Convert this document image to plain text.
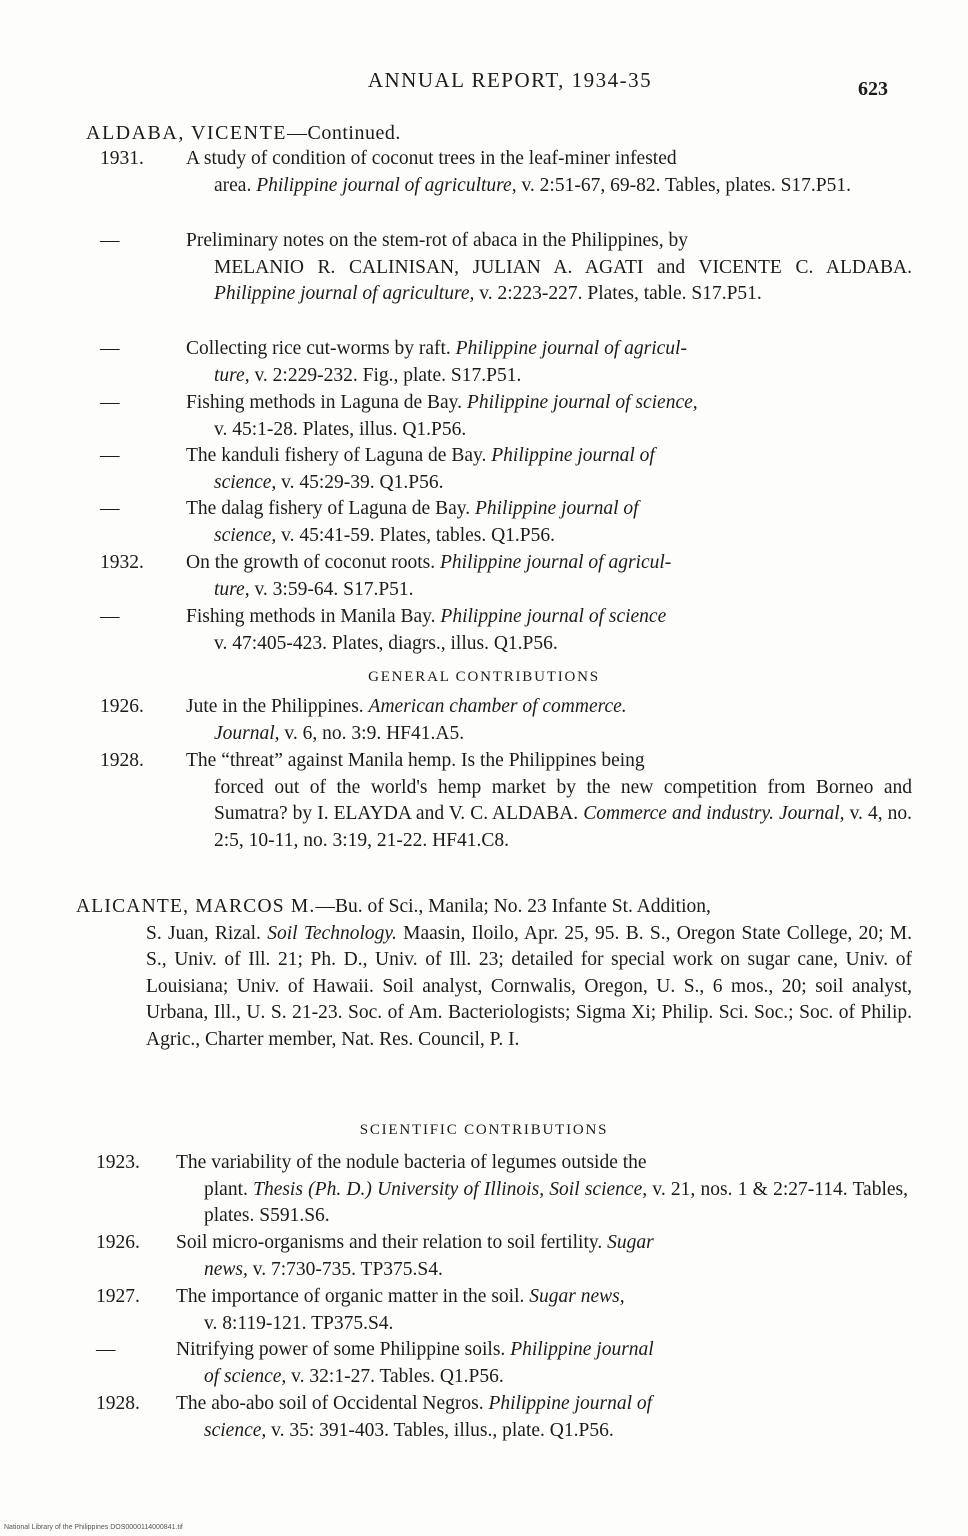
ANNUAL REPORT, 1934-35	623
ALDABA, VICENTE—Continued.
1931.	A study of condition of coconut trees in the leaf-miner infested
area. Philippine journal of agriculture, v. 2:51-67, 69-82. Tables, plates. S17.P51.
—	Preliminary notes on the stem-rot of abaca in the Philippines, by
MELANIO R. CALINISAN, JULIAN A. AGATI and VICENTE C. ALDABA. Philippine journal of agriculture, v. 2:223-227. Plates, table. S17.P51.
—	Collecting rice cut-worms by raft. Philippine journal of agricul-
ture, v. 2:229-232. Fig., plate. S17.P51.
—	Fishing methods in Laguna de Bay. Philippine journal of science,
v. 45:1-28. Plates, illus. Q1.P56.
—	The kanduli fishery of Laguna de Bay. Philippine journal of
science, v. 45:29-39. Q1.P56.
—	The dalag fishery of Laguna de Bay. Philippine journal of
science, v. 45:41-59. Plates, tables. Q1.P56.
1932.	On the growth of coconut roots. Philippine journal of agricul-
ture, v. 3:59-64. S17.P51.
—	Fishing methods in Manila Bay. Philippine journal of science
v. 47:405-423. Plates, diagrs., illus. Q1.P56.
GENERAL CONTRIBUTIONS
1926.	Jute in the Philippines. American chamber of commerce.
Journal, v. 6, no. 3:9. HF41.A5.
1928.	The “threat” against Manila hemp. Is the Philippines being
forced out of the world's hemp market by the new competition from Borneo and Sumatra? by I. ELAYDA and V. C. ALDABA. Commerce and industry. Journal, v. 4, no. 2:5, 10-11, no. 3:19, 21-22. HF41.C8.
ALICANTE, MARCOS M.—Bu. of Sci., Manila; No. 23 Infante St. Addition,
S. Juan, Rizal. Soil Technology. Maasin, Iloilo, Apr. 25, 95. B. S., Oregon State College, 20; M. S., Univ. of Ill. 21; Ph. D., Univ. of Ill. 23; detailed for special work on sugar cane, Univ. of Louisiana; Univ. of Hawaii. Soil analyst, Cornwalis, Oregon, U. S., 6 mos., 20; soil analyst, Urbana, Ill., U. S. 21-23. Soc. of Am. Bacteriologists; Sigma Xi; Philip. Sci. Soc.; Soc. of Philip. Agric., Charter member, Nat. Res. Council, P. I.
SCIENTIFIC CONTRIBUTIONS
1923.	The variability of the nodule bacteria of legumes outside the
plant. Thesis (Ph. D.) University of Illinois, Soil science, v. 21, nos. 1 & 2:27-114. Tables, plates. S591.S6.
1926.	Soil micro-organisms and their relation to soil fertility. Sugar
news, v. 7:730-735. TP375.S4.
1927.	The importance of organic matter in the soil. Sugar news,
v. 8:119-121. TP375.S4.
—	Nitrifying power of some Philippine soils. Philippine journal
of science, v. 32:1-27. Tables. Q1.P56.
1928.	The abo-abo soil of Occidental Negros. Philippine journal of
science, v. 35: 391-403. Tables, illus., plate. Q1.P56.
National Library of the Philippines DOS0000114000841.tif
